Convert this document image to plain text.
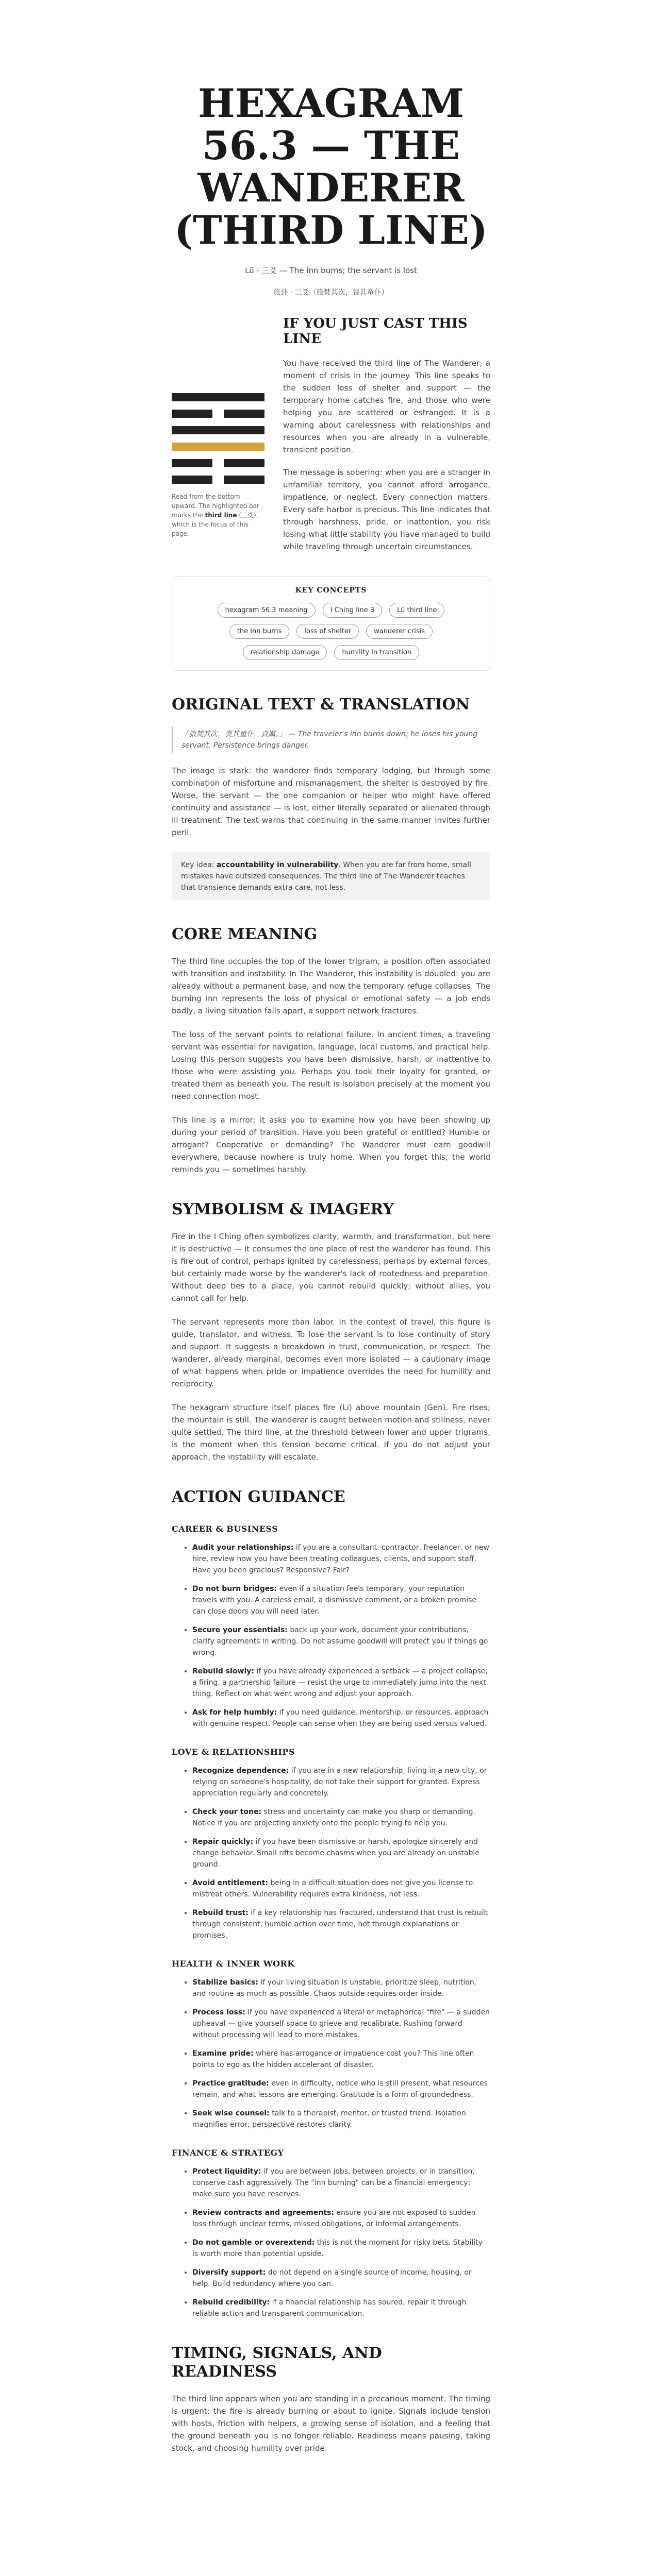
HEXAGRAM 56.3 — THE WANDERER (THIRD LINE)
Lü · 三爻 — The inn burns; the servant is lost
旅卦 · 三爻（旅焚其次，喪其童仆）
Read from the bottom upward. The highlighted bar marks the third line (三爻), which is the focus of this page.
IF YOU JUST CAST THIS LINE

You have received the third line of The Wanderer, a moment of crisis in the journey. This line speaks to the sudden loss of shelter and support — the temporary home catches fire, and those who were helping you are scattered or estranged. It is a warning about carelessness with relationships and resources when you are already in a vulnerable, transient position.

The message is sobering: when you are a stranger in unfamiliar territory, you cannot afford arrogance, impatience, or neglect. Every connection matters. Every safe harbor is precious. This line indicates that through harshness, pride, or inattention, you risk losing what little stability you have managed to build while traveling through uncertain circumstances.

KEY CONCEPTS
hexagram 56.3 meaning	I Ching line 3	Lü third line
the inn burns	loss of shelter	wanderer crisis
relationship damage	humility in transition
ORIGINAL TEXT & TRANSLATION
「旅焚其次，喪其童仆，貞厲。」 — The traveler's inn burns down; he loses his young servant. Persistence brings danger.

The image is stark: the wanderer finds temporary lodging, but through some combination of misfortune and mismanagement, the shelter is destroyed by fire. Worse, the servant — the one companion or helper who might have offered continuity and assistance — is lost, either literally separated or alienated through ill treatment. The text warns that continuing in the same manner invites further peril.

Key idea: accountability in vulnerability. When you are far from home, small mistakes have outsized consequences. The third line of The Wanderer teaches that transience demands extra care, not less.
CORE MEANING

The third line occupies the top of the lower trigram, a position often associated with transition and instability. In The Wanderer, this instability is doubled: you are already without a permanent base, and now the temporary refuge collapses. The burning inn represents the loss of physical or emotional safety — a job ends badly, a living situation falls apart, a support network fractures.

The loss of the servant points to relational failure. In ancient times, a traveling servant was essential for navigation, language, local customs, and practical help. Losing this person suggests you have been dismissive, harsh, or inattentive to those who were assisting you. Perhaps you took their loyalty for granted, or treated them as beneath you. The result is isolation precisely at the moment you need connection most.

This line is a mirror: it asks you to examine how you have been showing up during your period of transition. Have you been grateful or entitled? Humble or arrogant? Cooperative or demanding? The Wanderer must earn goodwill everywhere, because nowhere is truly home. When you forget this, the world reminds you — sometimes harshly.

SYMBOLISM & IMAGERY

Fire in the I Ching often symbolizes clarity, warmth, and transformation, but here it is destructive — it consumes the one place of rest the wanderer has found. This is fire out of control, perhaps ignited by carelessness, perhaps by external forces, but certainly made worse by the wanderer's lack of rootedness and preparation. Without deep ties to a place, you cannot rebuild quickly; without allies, you cannot call for help.

The servant represents more than labor. In the context of travel, this figure is guide, translator, and witness. To lose the servant is to lose continuity of story and support. It suggests a breakdown in trust, communication, or respect. The wanderer, already marginal, becomes even more isolated — a cautionary image of what happens when pride or impatience overrides the need for humility and reciprocity.

The hexagram structure itself places fire (Li) above mountain (Gen). Fire rises; the mountain is still. The wanderer is caught between motion and stillness, never quite settled. The third line, at the threshold between lower and upper trigrams, is the moment when this tension become critical. If you do not adjust your approach, the instability will escalate.

ACTION GUIDANCE
CAREER & BUSINESS
• Audit your relationships: if you are a consultant, contractor, freelancer, or new hire, review how you have been treating colleagues, clients, and support staff. Have you been gracious? Responsive? Fair?
• Do not burn bridges: even if a situation feels temporary, your reputation travels with you. A careless email, a dismissive comment, or a broken promise can close doors you will need later.
• Secure your essentials: back up your work, document your contributions, clarify agreements in writing. Do not assume goodwill will protect you if things go wrong.
• Rebuild slowly: if you have already experienced a setback — a project collapse, a firing, a partnership failure — resist the urge to immediately jump into the next thing. Reflect on what went wrong and adjust your approach.
• Ask for help humbly: if you need guidance, mentorship, or resources, approach with genuine respect. People can sense when they are being used versus valued.
LOVE & RELATIONSHIPS
• Recognize dependence: if you are in a new relationship, living in a new city, or relying on someone's hospitality, do not take their support for granted. Express appreciation regularly and concretely.
• Check your tone: stress and uncertainty can make you sharp or demanding. Notice if you are projecting anxiety onto the people trying to help you.
• Repair quickly: if you have been dismissive or harsh, apologize sincerely and change behavior. Small rifts become chasms when you are already on unstable ground.
• Avoid entitlement: being in a difficult situation does not give you license to mistreat others. Vulnerability requires extra kindness, not less.
• Rebuild trust: if a key relationship has fractured, understand that trust is rebuilt through consistent, humble action over time, not through explanations or promises.
HEALTH & INNER WORK
• Stabilize basics: if your living situation is unstable, prioritize sleep, nutrition, and routine as much as possible. Chaos outside requires order inside.
• Process loss: if you have experienced a literal or metaphorical "fire" — a sudden upheaval — give yourself space to grieve and recalibrate. Rushing forward without processing will lead to more mistakes.
• Examine pride: where has arrogance or impatience cost you? This line often points to ego as the hidden accelerant of disaster.
• Practice gratitude: even in difficulty, notice who is still present, what resources remain, and what lessons are emerging. Gratitude is a form of groundedness.
• Seek wise counsel: talk to a therapist, mentor, or trusted friend. Isolation magnifies error; perspective restores clarity.
FINANCE & STRATEGY
• Protect liquidity: if you are between jobs, between projects, or in transition, conserve cash aggressively. The "inn burning" can be a financial emergency; make sure you have reserves.
• Review contracts and agreements: ensure you are not exposed to sudden loss through unclear terms, missed obligations, or informal arrangements.
• Do not gamble or overextend: this is not the moment for risky bets. Stability is worth more than potential upside.
• Diversify support: do not depend on a single source of income, housing, or help. Build redundancy where you can.
• Rebuild credibility: if a financial relationship has soured, repair it through reliable action and transparent communication.
TIMING, SIGNALS, AND READINESS

The third line appears when you are standing in a precarious moment. The timing is urgent: the fire is already burning or about to ignite. Signals include tension with hosts, friction with helpers, a growing sense of isolation, and a feeling that the ground beneath you is no longer reliable. Readiness means pausing, taking stock, and choosing humility over pride.
